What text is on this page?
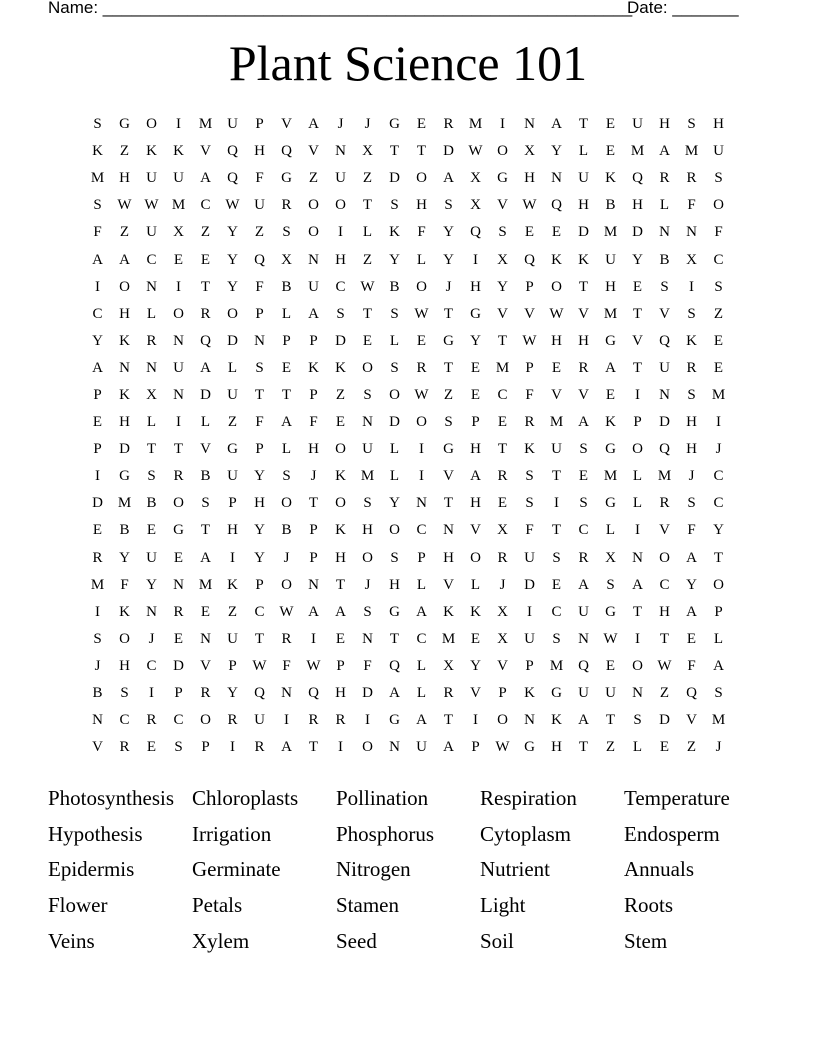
Name: ________________________________________________________
Date: _______
Plant Science 101
S	G	O	I	M U	P	V	A	J	J	G	E	R	M	I	N	A	T	E	U	H	S	H
K	Z	K	K	V	Q	H	Q	V	N	X	T	T	D W O	X	Y	L	E	M A M U
M H	U	U	A	Q	F	G	Z	U	Z	D	O	A	X	G	H	N	U	K	Q	R	R	S
S	W W M	C W U	R	O	O	T	S	H	S	X	V W Q	H	B	H	L	F	O
F	Z	U	X	Z	Y	Z	S	O	I	L	K	F	Y	Q	S	E	E	D M D	N	N	F
A	A	C	E	E	Y	Q	X	N	H	Z	Y	L	Y	I	X	Q	K	K	U	Y	B	X	C
I	O	N	I	T	Y	F	B	U	C W B	O	J	H	Y	P	O	T	H	E	S	I	S
C	H	L	O	R	O	P	L	A	S	T	S	W	T	G	V	V W V M	T	V	S	Z
Y	K	R	N	Q	D	N	P	P	D	E	L	E	G	Y	T	W H	H	G	V	Q	K	E
A	N	N	U	A	L	S	E	K	K	O	S	R	T	E	M	P	E	R	A	T	U	R	E
P	K	X	N	D	U	T	T	P	Z	S	O W	Z	E	C	F	V	V	E	I	N	S	M
E	H	L	I	L	Z	F	A	F	E	N	D	O	S	P	E	R	M A	K	P	D	H	I
P	D	T	T	V	G	P	L	H	O	U	L	I	G	H	T	K	U	S	G	O	Q	H	J
I	G	S	R	B	U	Y	S	J	K M	L	I	V	A	R	S	T	E	M	L	M	J	C
D M	B	O	S	P	H	O	T	O	S	Y	N	T	H	E	S	I	S	G	L	R	S	C
E	B	E	G	T	H	Y	B	P	K	H	O	C	N	V	X	F	T	C	L	I	V	F	Y
R	Y	U	E	A	I	Y	J	P	H	O	S	P	H	O	R	U	S	R	X	N	O	A	T
M	F	Y	N M K	P	O	N	T	J	H	L	V	L	J	D	E	A	S	A	C	Y	O
I	K	N	R	E	Z	C W A	A	S	G	A	K	K	X	I	C	U	G	T	H	A	P
S	O	J	E	N	U	T	R	I	E	N	T	C	M	E	X	U	S	N W	I	T	E	L
J	H	C	D	V	P	W	F	W	P	F	Q	L	X	Y	V	P	M Q	E	O W	F	A
B	S	I	P	R	Y	Q	N	Q	H	D	A	L	R	V	P	K	G	U	U	N	Z	Q	S
N	C	R	C	O	R	U	I	R	R	I	G	A	T	I	O	N	K	A	T	S	D	V M
V	R	E	S	P	I	R	A	T	I	O	N	U	A	P	W G	H	T	Z	L	E	Z	J
Photosynthesis Chloroplasts	Pollination	Respiration	Temperature
Hypothesis	Irrigation	Phosphorus	Cytoplasm	Endosperm
Epidermis	Germinate	Nitrogen	Nutrient	Annuals
Flower	Petals	Stamen	Light	Roots
Veins	Xylem	Seed	Soil	Stem
